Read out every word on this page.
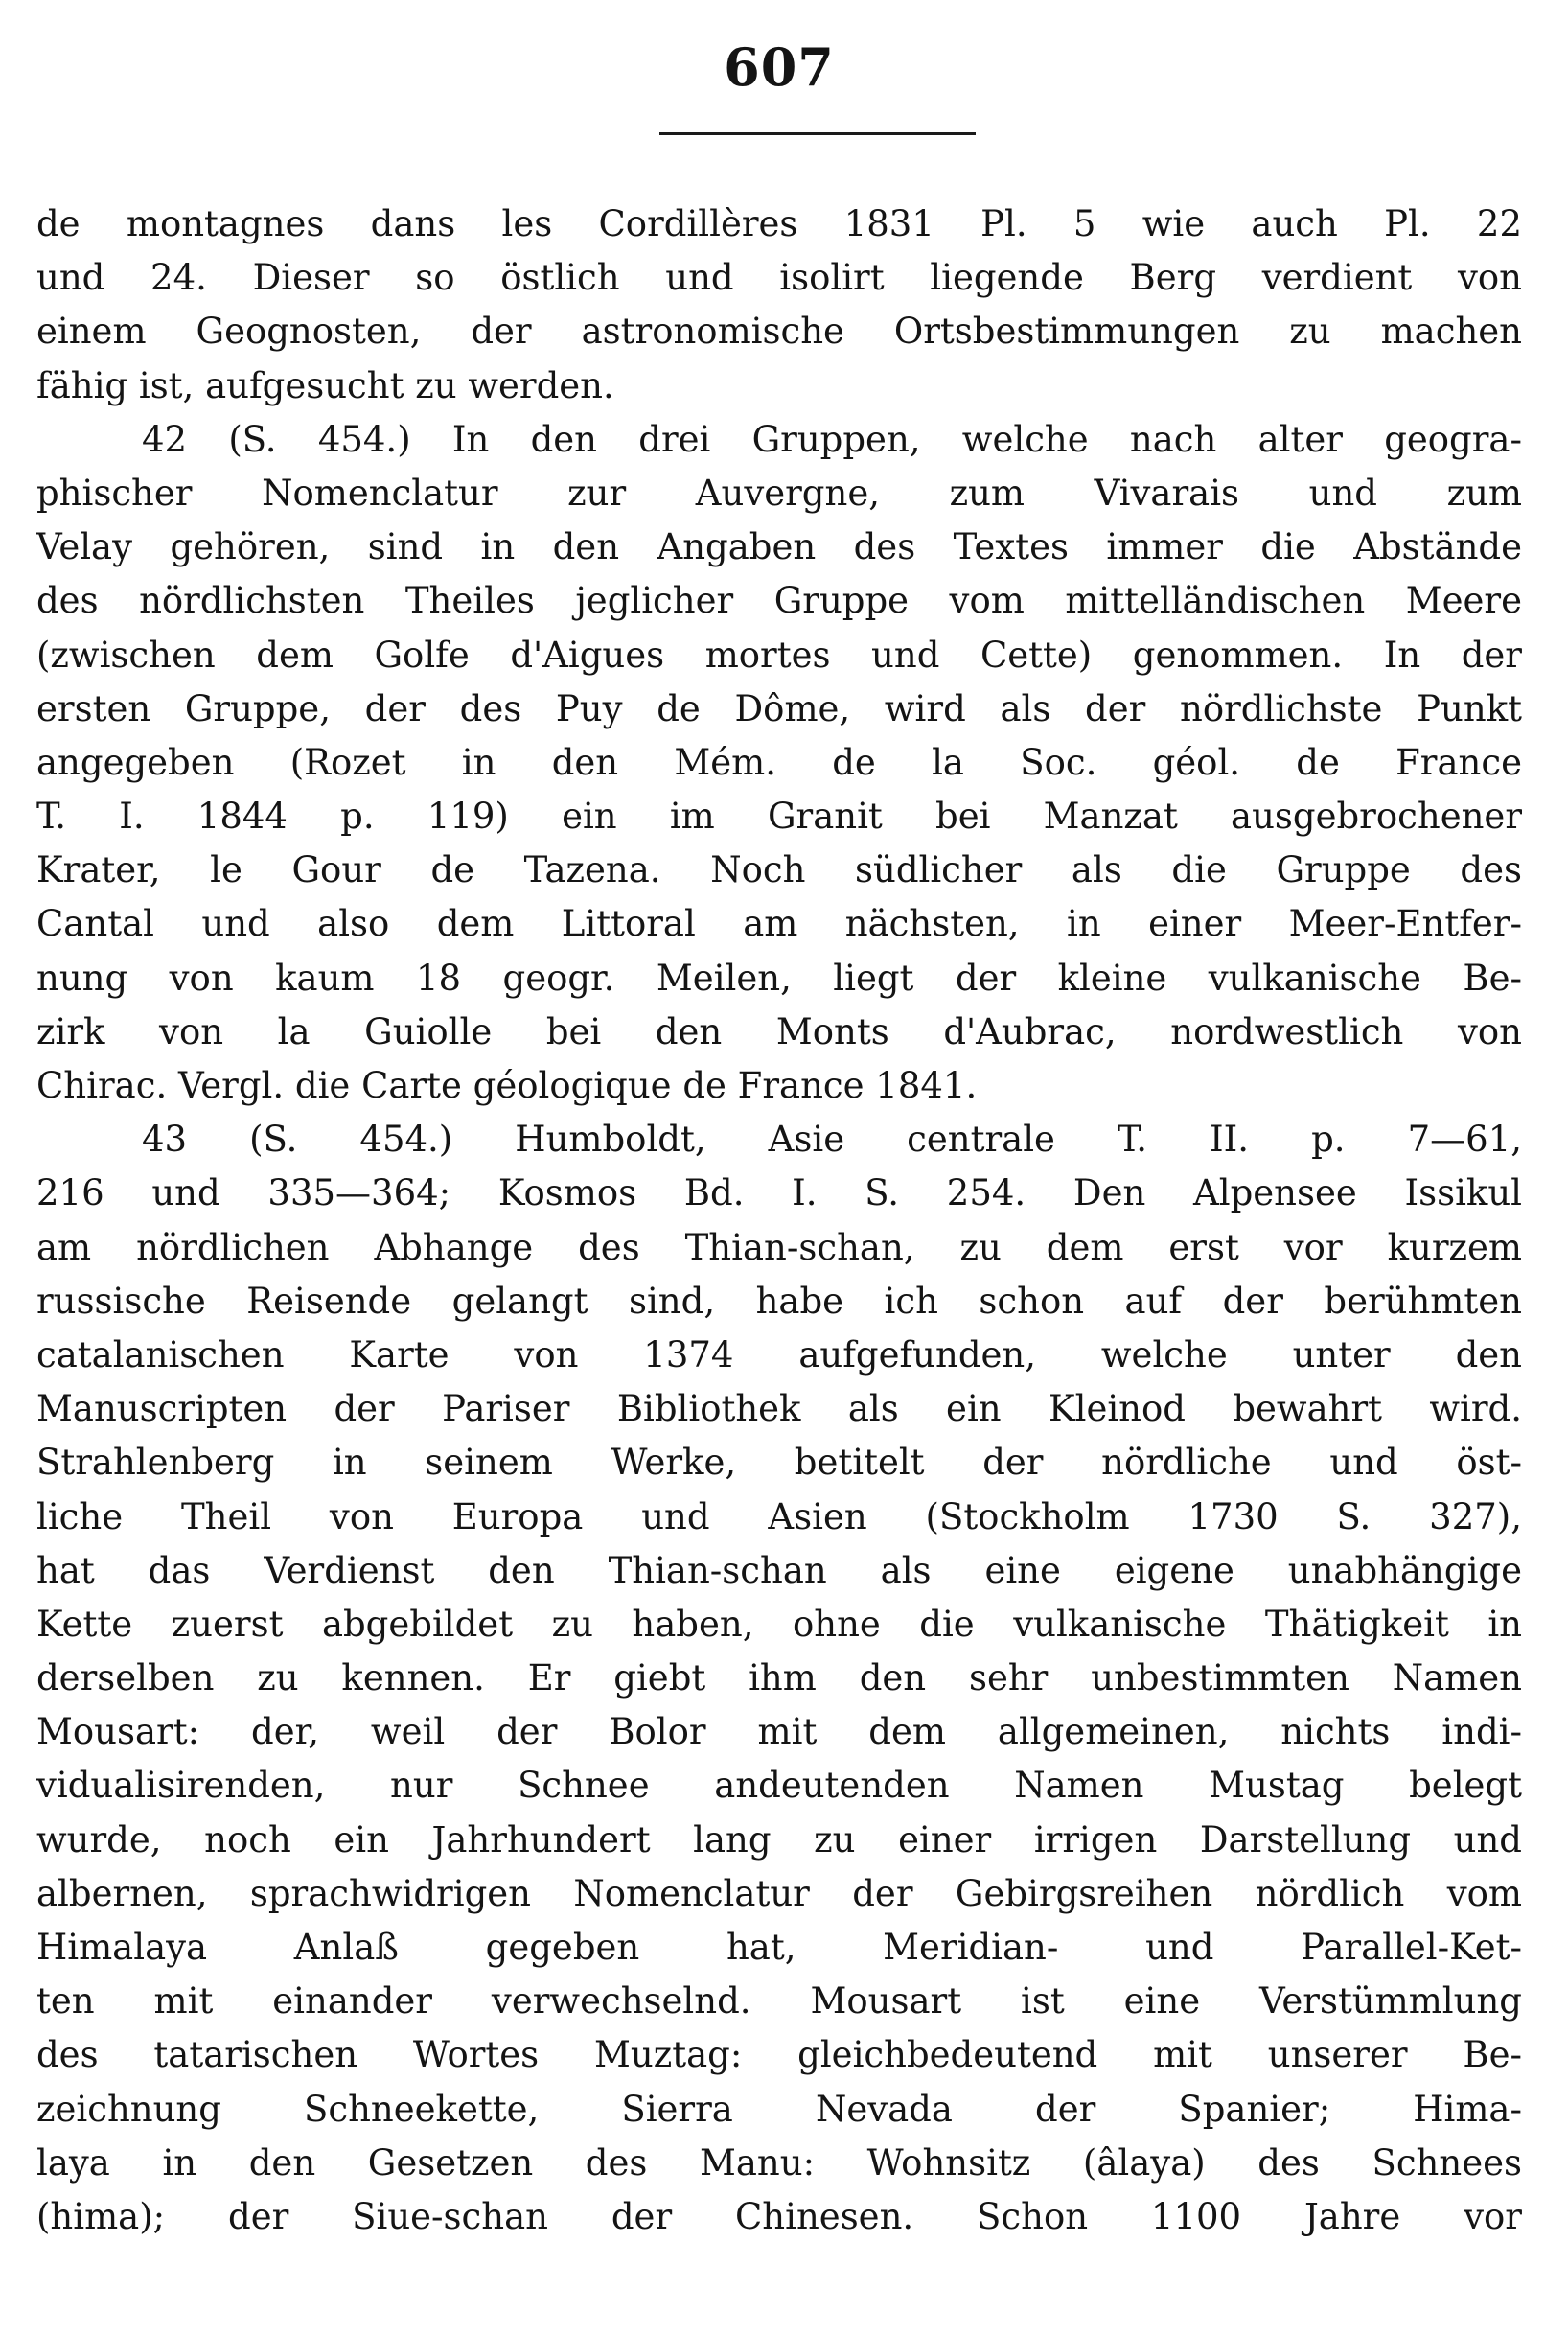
607
de montagnes dans les Cordillères 1831 Pl. 5 wie auch Pl. 22
und 24. Dieser so östlich und isolirt liegende Berg verdient von
einem Geognosten, der astronomische Ortsbestimmungen zu machen
fähig ist, aufgesucht zu werden.
42 (S. 454.) In den drei Gruppen, welche nach alter geogra-
phischer Nomenclatur zur Auvergne, zum Vivarais und zum
Velay gehören, sind in den Angaben des Textes immer die Abstände
des nördlichsten Theiles jeglicher Gruppe vom mittelländischen Meere
(zwischen dem Golfe d'Aigues mortes und Cette) genommen. In der
ersten Gruppe, der des Puy de Dôme, wird als der nördlichste Punkt
angegeben (Rozet in den Mém. de la Soc. géol. de France
T. I. 1844 p. 119) ein im Granit bei Manzat ausgebrochener
Krater, le Gour de Tazena. Noch südlicher als die Gruppe des
Cantal und also dem Littoral am nächsten, in einer Meer-Entfer-
nung von kaum 18 geogr. Meilen, liegt der kleine vulkanische Be-
zirk von la Guiolle bei den Monts d'Aubrac, nordwestlich von
Chirac. Vergl. die Carte géologique de France 1841.
43 (S. 454.) Humboldt, Asie centrale T. II. p. 7—61,
216 und 335—364; Kosmos Bd. I. S. 254. Den Alpensee Issikul
am nördlichen Abhange des Thian-schan, zu dem erst vor kurzem
russische Reisende gelangt sind, habe ich schon auf der berühmten
catalanischen Karte von 1374 aufgefunden, welche unter den
Manuscripten der Pariser Bibliothek als ein Kleinod bewahrt wird.
Strahlenberg in seinem Werke, betitelt der nördliche und öst-
liche Theil von Europa und Asien (Stockholm 1730 S. 327),
hat das Verdienst den Thian-schan als eine eigene unabhängige
Kette zuerst abgebildet zu haben, ohne die vulkanische Thätigkeit in
derselben zu kennen. Er giebt ihm den sehr unbestimmten Namen
Mousart: der, weil der Bolor mit dem allgemeinen, nichts indi-
vidualisirenden, nur Schnee andeutenden Namen Mustag belegt
wurde, noch ein Jahrhundert lang zu einer irrigen Darstellung und
albernen, sprachwidrigen Nomenclatur der Gebirgsreihen nördlich vom
Himalaya Anlaß gegeben hat, Meridian- und Parallel-Ket-
ten mit einander verwechselnd. Mousart ist eine Verstümmlung
des tatarischen Wortes Muztag: gleichbedeutend mit unserer Be-
zeichnung Schneekette, Sierra Nevada der Spanier; Hima-
laya in den Gesetzen des Manu: Wohnsitz (âlaya) des Schnees
(hima); der Siue-schan der Chinesen. Schon 1100 Jahre vor
